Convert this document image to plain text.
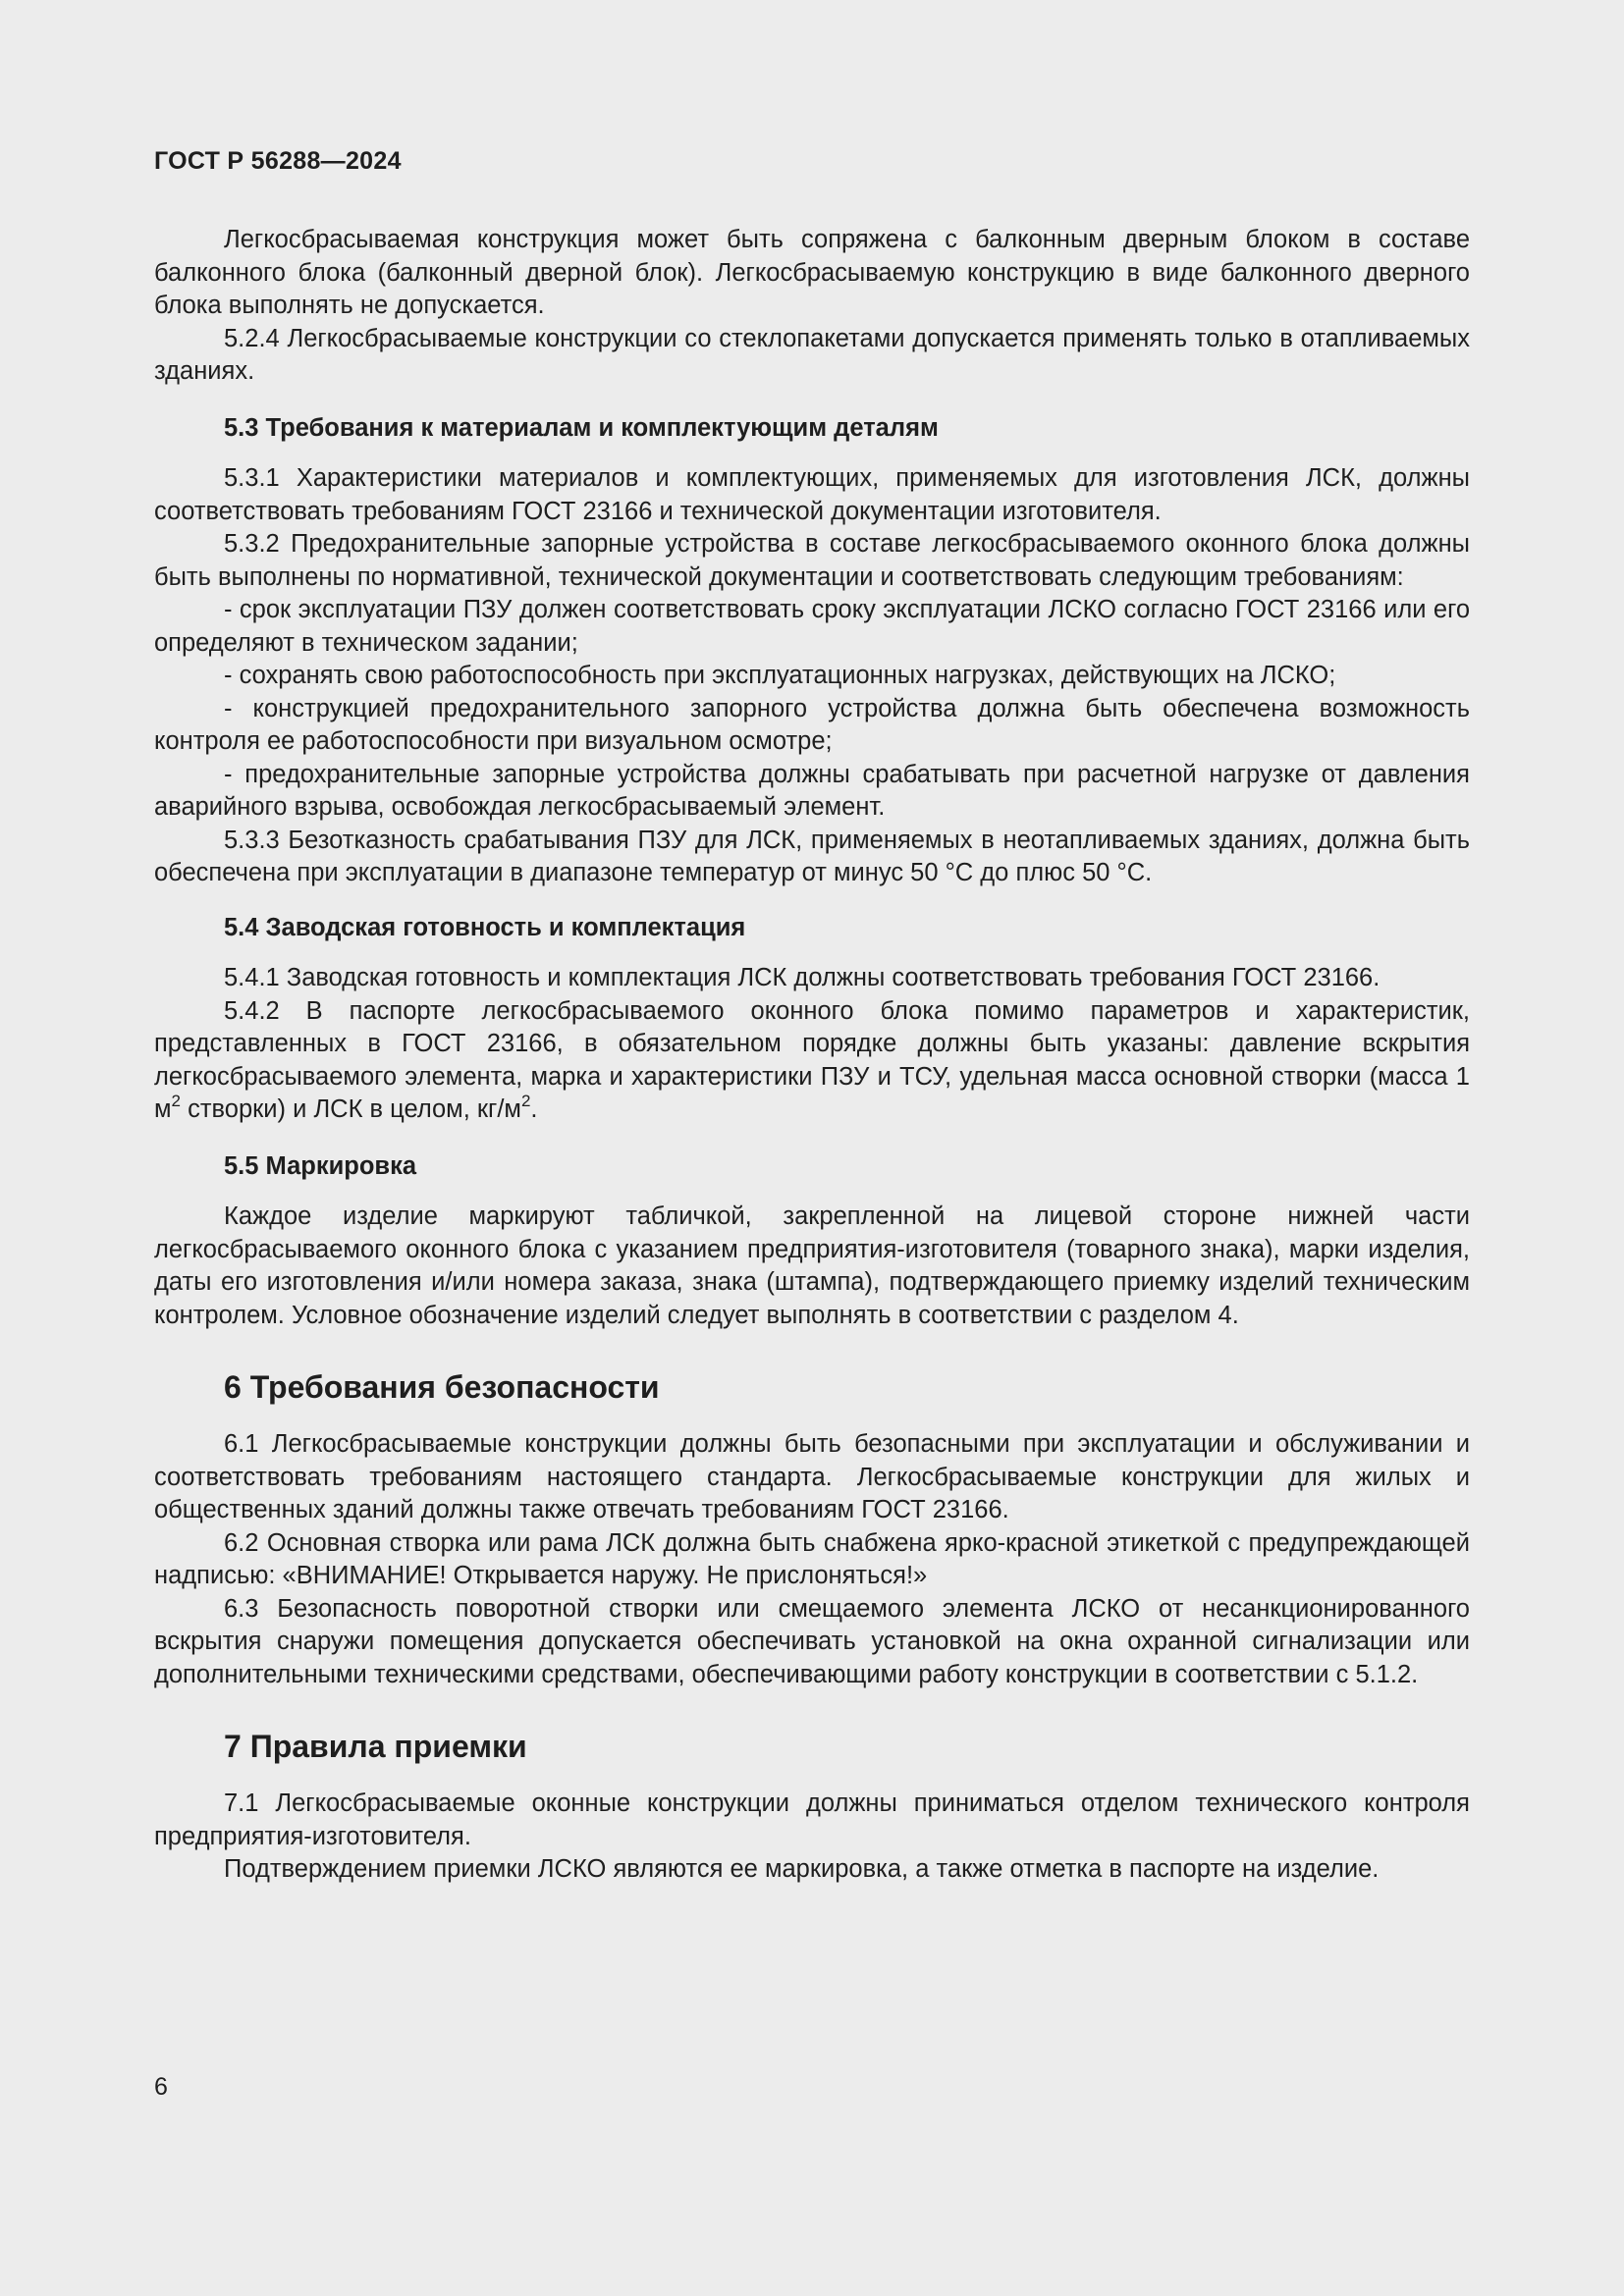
ГОСТ Р 56288—2024

Легкосбрасываемая конструкция может быть сопряжена с балконным дверным блоком в составе балконного блока (балконный дверной блок). Легкосбрасываемую конструкцию в виде балконного дверного блока выполнять не допускается.

5.2.4 Легкосбрасываемые конструкции со стеклопакетами допускается применять только в отапливаемых зданиях.

5.3 Требования к материалам и комплектующим деталям

5.3.1 Характеристики материалов и комплектующих, применяемых для изготовления ЛСК, должны соответствовать требованиям ГОСТ 23166 и технической документации изготовителя.

5.3.2 Предохранительные запорные устройства в составе легкосбрасываемого оконного блока должны быть выполнены по нормативной, технической документации и соответствовать следующим требованиям:

- срок эксплуатации ПЗУ должен соответствовать сроку эксплуатации ЛСКО согласно ГОСТ 23166 или его определяют в техническом задании;

- сохранять свою работоспособность при эксплуатационных нагрузках, действующих на ЛСКО;

- конструкцией предохранительного запорного устройства должна быть обеспечена возможность контроля ее работоспособности при визуальном осмотре;

- предохранительные запорные устройства должны срабатывать при расчетной нагрузке от давления аварийного взрыва, освобождая легкосбрасываемый элемент.

5.3.3 Безотказность срабатывания ПЗУ для ЛСК, применяемых в неотапливаемых зданиях, должна быть обеспечена при эксплуатации в диапазоне температур от минус 50 °С до плюс 50 °С.

5.4 Заводская готовность и комплектация

5.4.1 Заводская готовность и комплектация ЛСК должны соответствовать требования ГОСТ 23166.

5.4.2 В паспорте легкосбрасываемого оконного блока помимо параметров и характеристик, представленных в ГОСТ 23166, в обязательном порядке должны быть указаны: давление вскрытия легкосбрасываемого элемента, марка и характеристики ПЗУ и ТСУ, удельная масса основной створки (масса 1 $м^2$ створки) и ЛСК в целом, $кг/м^2$.

5.5 Маркировка

Каждое изделие маркируют табличкой, закрепленной на лицевой стороне нижней части легкосбрасываемого оконного блока с указанием предприятия-изготовителя (товарного знака), марки изделия, даты его изготовления и/или номера заказа, знака (штампа), подтверждающего приемку изделий техническим контролем. Условное обозначение изделий следует выполнять в соответствии с разделом 4.

6 Требования безопасности

6.1 Легкосбрасываемые конструкции должны быть безопасными при эксплуатации и обслуживании и соответствовать требованиям настоящего стандарта. Легкосбрасываемые конструкции для жилых и общественных зданий должны также отвечать требованиям ГОСТ 23166.

6.2 Основная створка или рама ЛСК должна быть снабжена ярко-красной этикеткой с предупреждающей надписью: «ВНИМАНИЕ! Открывается наружу. Не прислоняться!»

6.3 Безопасность поворотной створки или смещаемого элемента ЛСКО от несанкционированного вскрытия снаружи помещения допускается обеспечивать установкой на окна охранной сигнализации или дополнительными техническими средствами, обеспечивающими работу конструкции в соответствии с 5.1.2.

7 Правила приемки

7.1 Легкосбрасываемые оконные конструкции должны приниматься отделом технического контроля предприятия-изготовителя.

Подтверждением приемки ЛСКО являются ее маркировка, а также отметка в паспорте на изделие.

6
